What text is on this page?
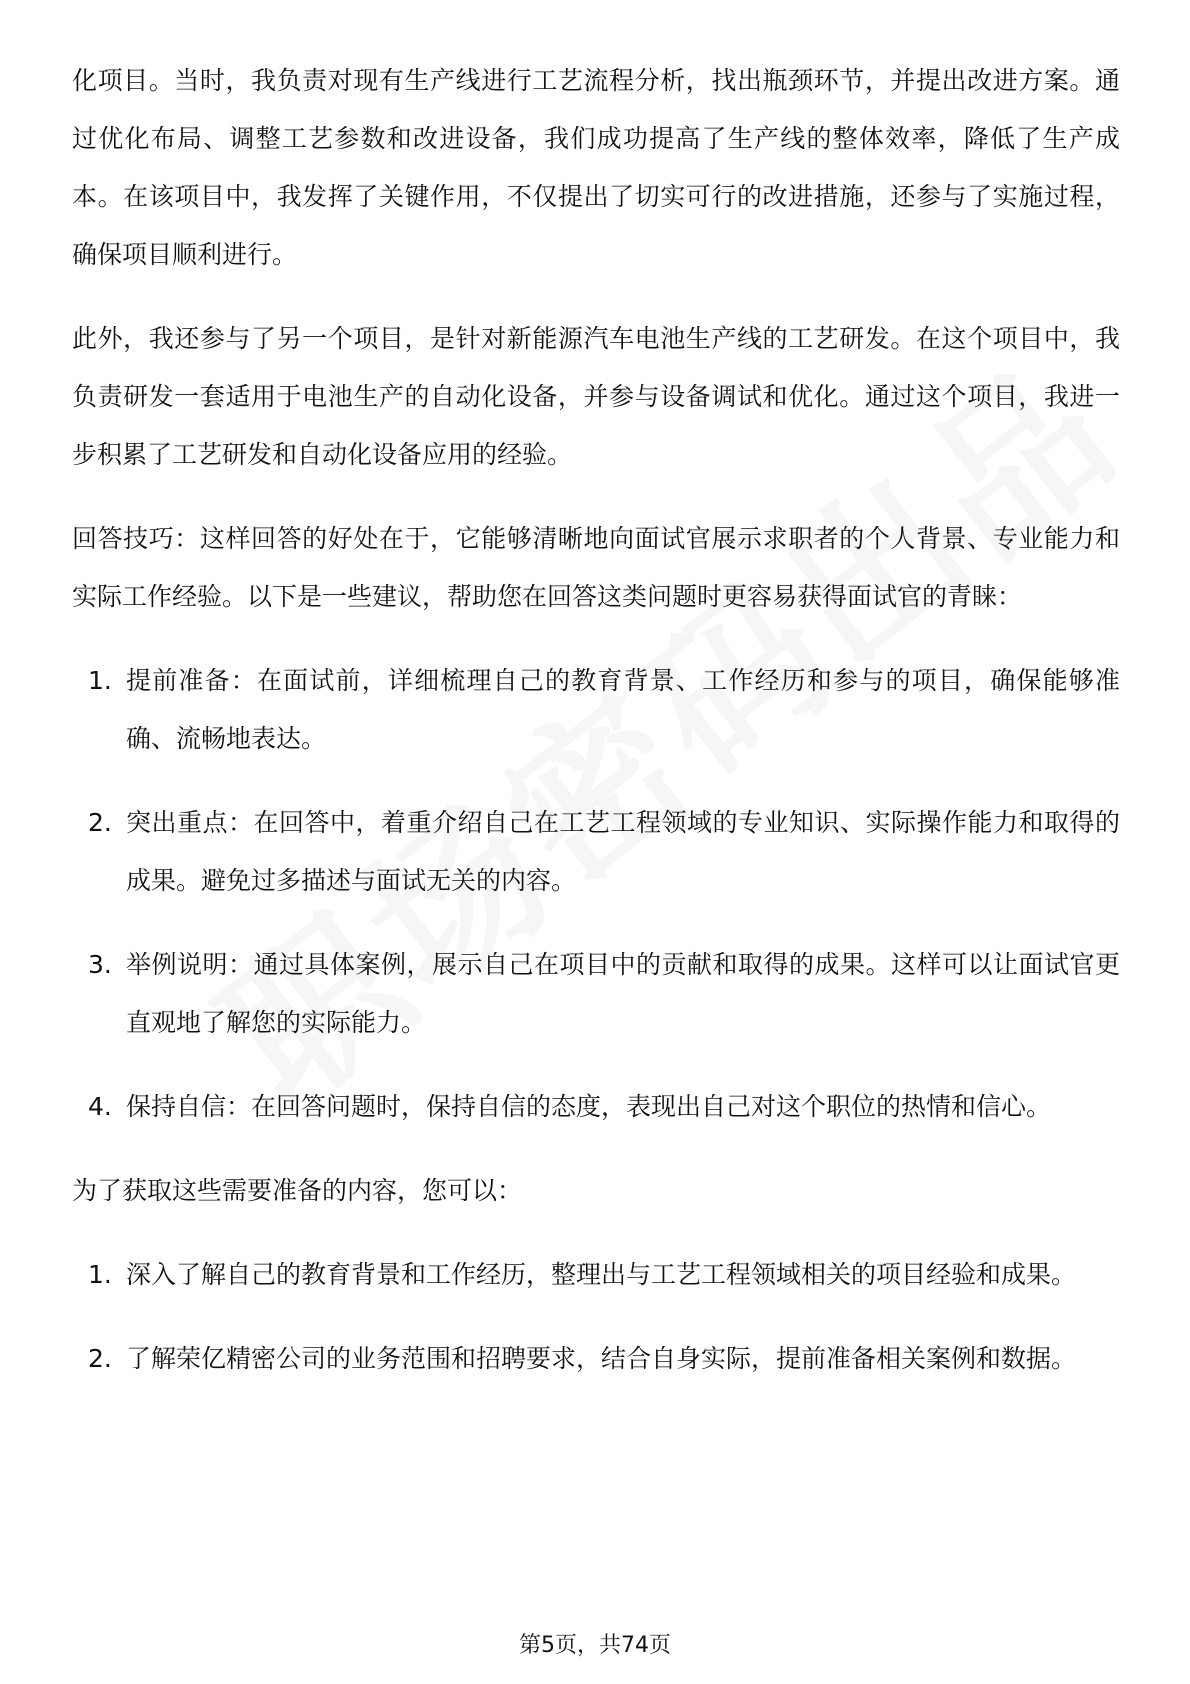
化项目。当时，我负责对现有生产线进行工艺流程分析，找出瓶颈环节，并提出改进方案。通过优化布局、调整工艺参数和改进设备，我们成功提高了生产线的整体效率，降低了生产成本。在该项目中，我发挥了关键作用，不仅提出了切实可行的改进措施，还参与了实施过程，确保项目顺利进行。

此外，我还参与了另一个项目，是针对新能源汽车电池生产线的工艺研发。在这个项目中，我负责研发一套适用于电池生产的自动化设备，并参与设备调试和优化。通过这个项目，我进一步积累了工艺研发和自动化设备应用的经验。

回答技巧：这样回答的好处在于，它能够清晰地向面试官展示求职者的个人背景、专业能力和实际工作经验。以下是一些建议，帮助您在回答这类问题时更容易获得面试官的青睐：

1. 提前准备：在面试前，详细梳理自己的教育背景、工作经历和参与的项目，确保能够准确、流畅地表达。
2. 突出重点：在回答中，着重介绍自己在工艺工程领域的专业知识、实际操作能力和取得的成果。避免过多描述与面试无关的内容。
3. 举例说明：通过具体案例，展示自己在项目中的贡献和取得的成果。这样可以让面试官更直观地了解您的实际能力。
4. 保持自信：在回答问题时，保持自信的态度，表现出自己对这个职位的热情和信心。

为了获取这些需要准备的内容，您可以：

1. 深入了解自己的教育背景和工作经历，整理出与工艺工程领域相关的项目经验和成果。
2. 了解荣亿精密公司的业务范围和招聘要求，结合自身实际，提前准备相关案例和数据。
第5页，共74页
